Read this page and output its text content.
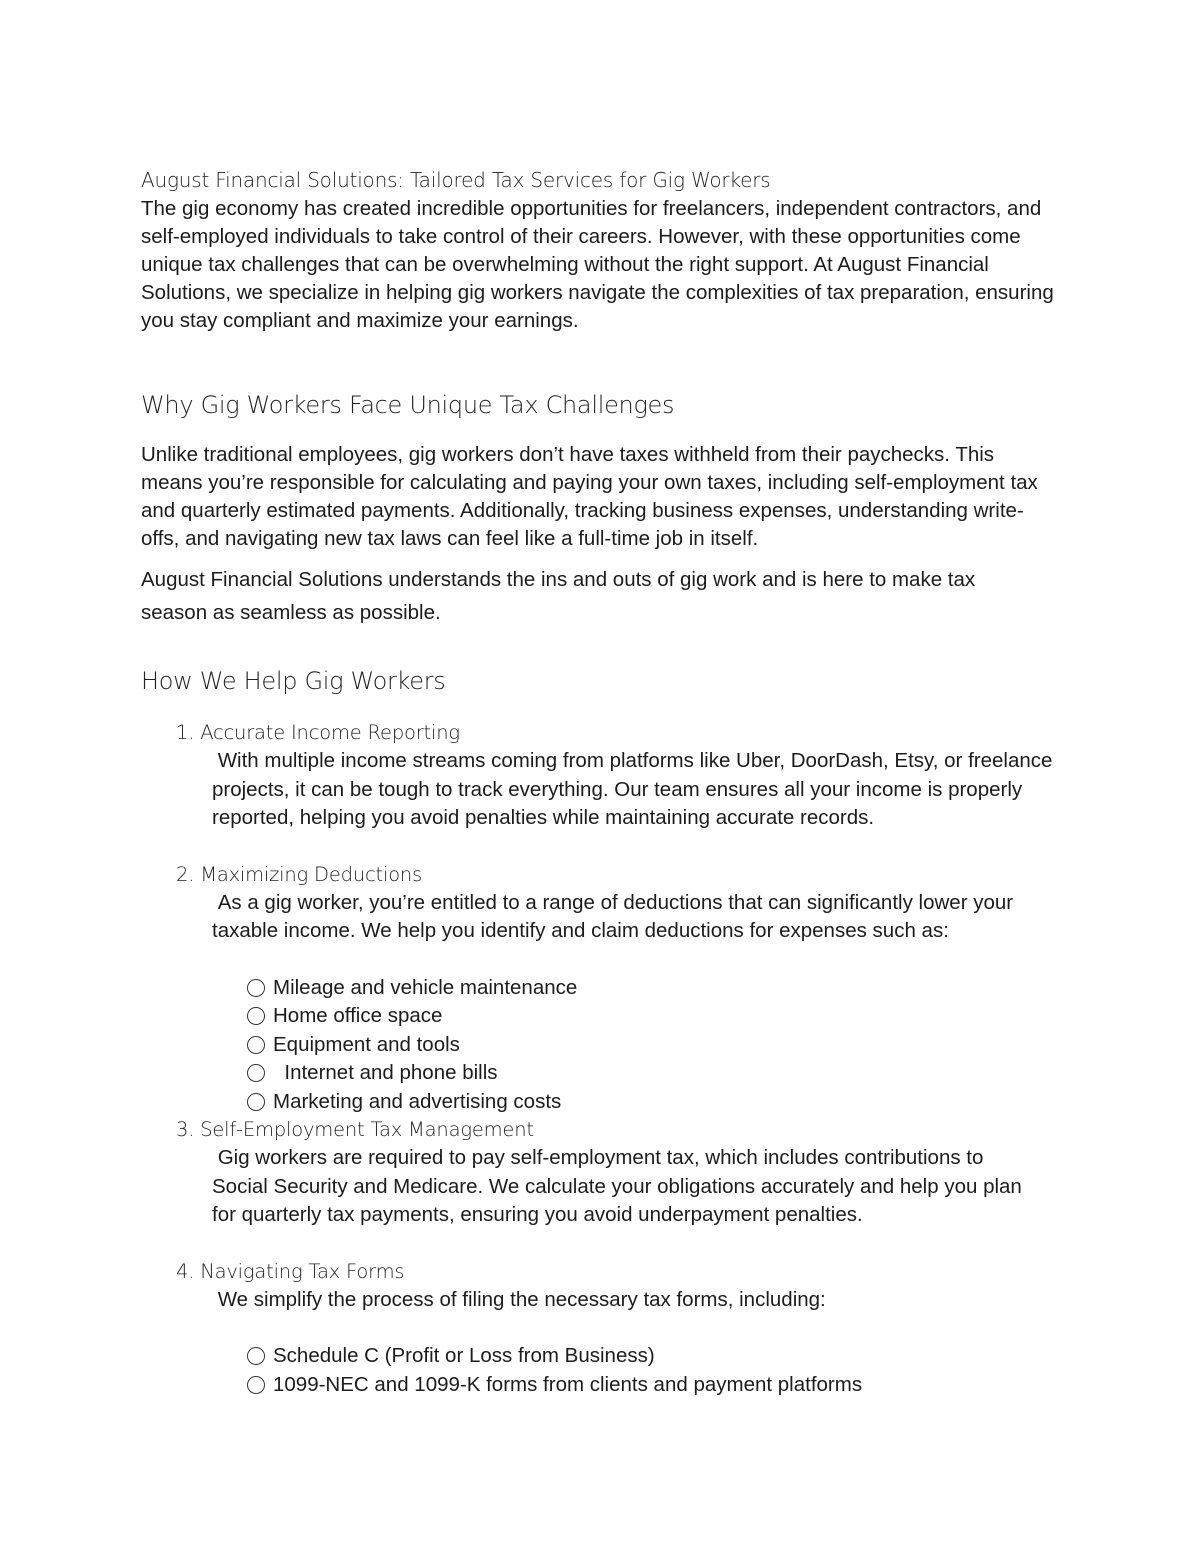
August Financial Solutions: Tailored Tax Services for Gig Workers

The gig economy has created incredible opportunities for freelancers, independent contractors, and self-employed individuals to take control of their careers. However, with these opportunities come unique tax challenges that can be overwhelming without the right support. At August Financial Solutions, we specialize in helping gig workers navigate the complexities of tax preparation, ensuring you stay compliant and maximize your earnings.

Why Gig Workers Face Unique Tax Challenges

Unlike traditional employees, gig workers don’t have taxes withheld from their paychecks. This means you’re responsible for calculating and paying your own taxes, including self-employment tax and quarterly estimated payments. Additionally, tracking business expenses, understanding write-offs, and navigating new tax laws can feel like a full-time job in itself.

August Financial Solutions understands the ins and outs of gig work and is here to make tax season as seamless as possible.

How We Help Gig Workers

1. Accurate Income Reporting

With multiple income streams coming from platforms like Uber, DoorDash, Etsy, or freelance projects, it can be tough to track everything. Our team ensures all your income is properly reported, helping you avoid penalties while maintaining accurate records.

2. Maximizing Deductions

As a gig worker, you’re entitled to a range of deductions that can significantly lower your taxable income. We help you identify and claim deductions for expenses such as:

Mileage and vehicle maintenance
Home office space
Equipment and tools
Internet and phone bills
Marketing and advertising costs

3. Self-Employment Tax Management

Gig workers are required to pay self-employment tax, which includes contributions to Social Security and Medicare. We calculate your obligations accurately and help you plan for quarterly tax payments, ensuring you avoid underpayment penalties.

4. Navigating Tax Forms

We simplify the process of filing the necessary tax forms, including:

Schedule C (Profit or Loss from Business)
1099-NEC and 1099-K forms from clients and payment platforms
